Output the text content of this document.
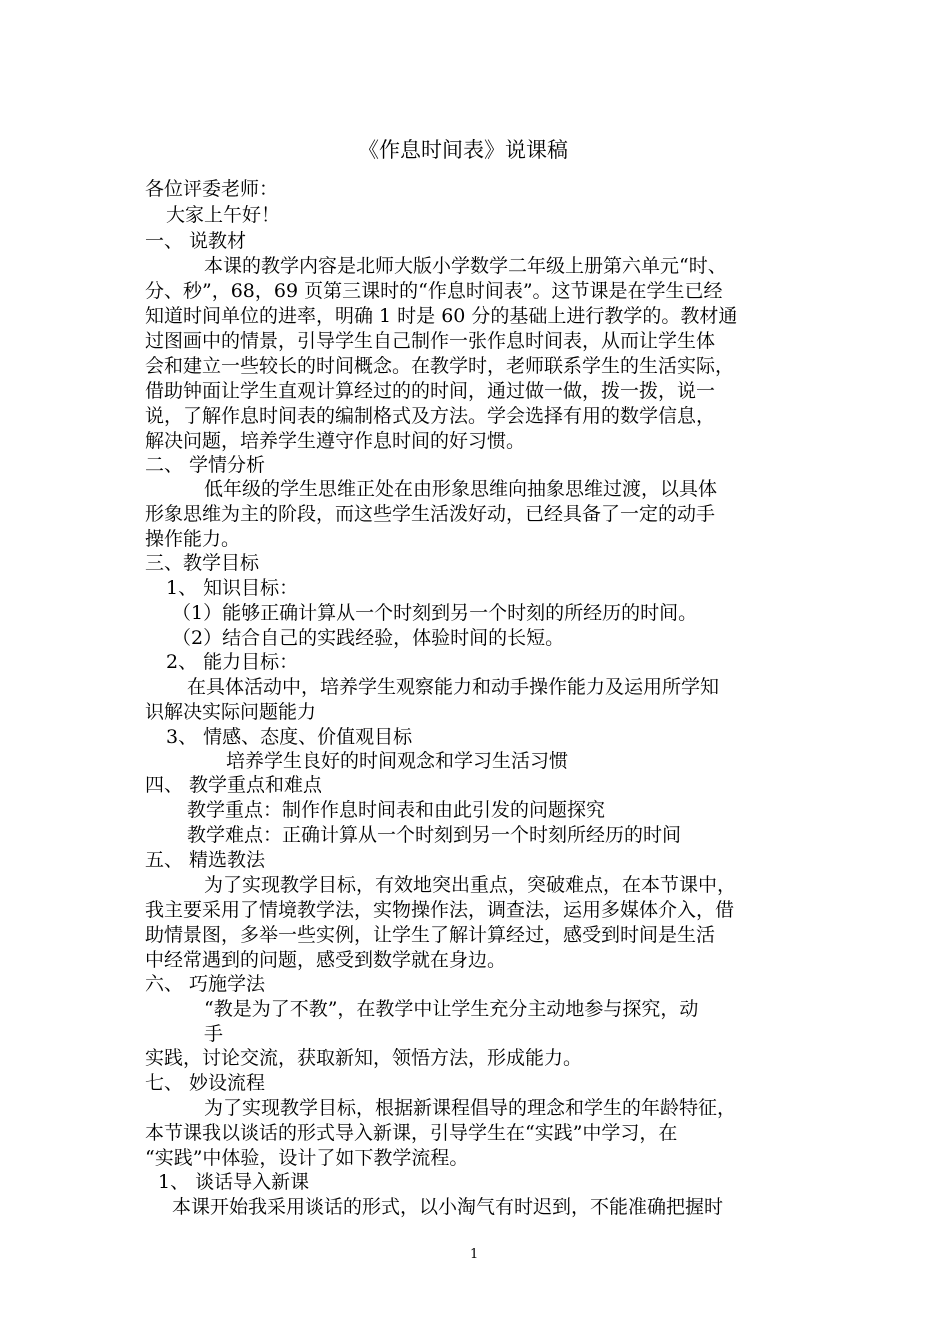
《作息时间表》说课稿
各位评委老师：
大家上午好！
一、 说教材
本课的教学内容是北师大版小学数学二年级上册第六单元“时、
分、秒”，68，69 页第三课时的“作息时间表”。这节课是在学生已经
知道时间单位的进率，明确 1 时是 60 分的基础上进行教学的。教材通
过图画中的情景，引导学生自己制作一张作息时间表，从而让学生体
会和建立一些较长的时间概念。在教学时，老师联系学生的生活实际，
借助钟面让学生直观计算经过的的时间，通过做一做，拨一拨，说一
说，了解作息时间表的编制格式及方法。学会选择有用的数学信息，
解决问题，培养学生遵守作息时间的好习惯。
二、 学情分析
低年级的学生思维正处在由形象思维向抽象思维过渡，以具体
形象思维为主的阶段，而这些学生活泼好动，已经具备了一定的动手
操作能力。
三、教学目标
1、 知识目标：
（1）能够正确计算从一个时刻到另一个时刻的所经历的时间。
（2）结合自己的实践经验，体验时间的长短。
2、 能力目标：
在具体活动中，培养学生观察能力和动手操作能力及运用所学知
识解决实际问题能力
3、 情感、态度、价值观目标
培养学生良好的时间观念和学习生活习惯
四、 教学重点和难点
教学重点：制作作息时间表和由此引发的问题探究
教学难点：正确计算从一个时刻到另一个时刻所经历的时间
五、 精选教法
为了实现教学目标，有效地突出重点，突破难点，在本节课中，
我主要采用了情境教学法，实物操作法，调查法，运用多媒体介入，借
助情景图，多举一些实例，让学生了解计算经过，感受到时间是生活
中经常遇到的问题，感受到数学就在身边。
六、 巧施学法
“教是为了不教”，在教学中让学生充分主动地参与探究，动
手
实践，讨论交流，获取新知，领悟方法，形成能力。
七、 妙设流程
为了实现教学目标，根据新课程倡导的理念和学生的年龄特征，
本节课我以谈话的形式导入新课，引导学生在“实践”中学习，在
“实践”中体验，设计了如下教学流程。
1、 谈话导入新课
本课开始我采用谈话的形式，以小淘气有时迟到，不能准确把握时
1
